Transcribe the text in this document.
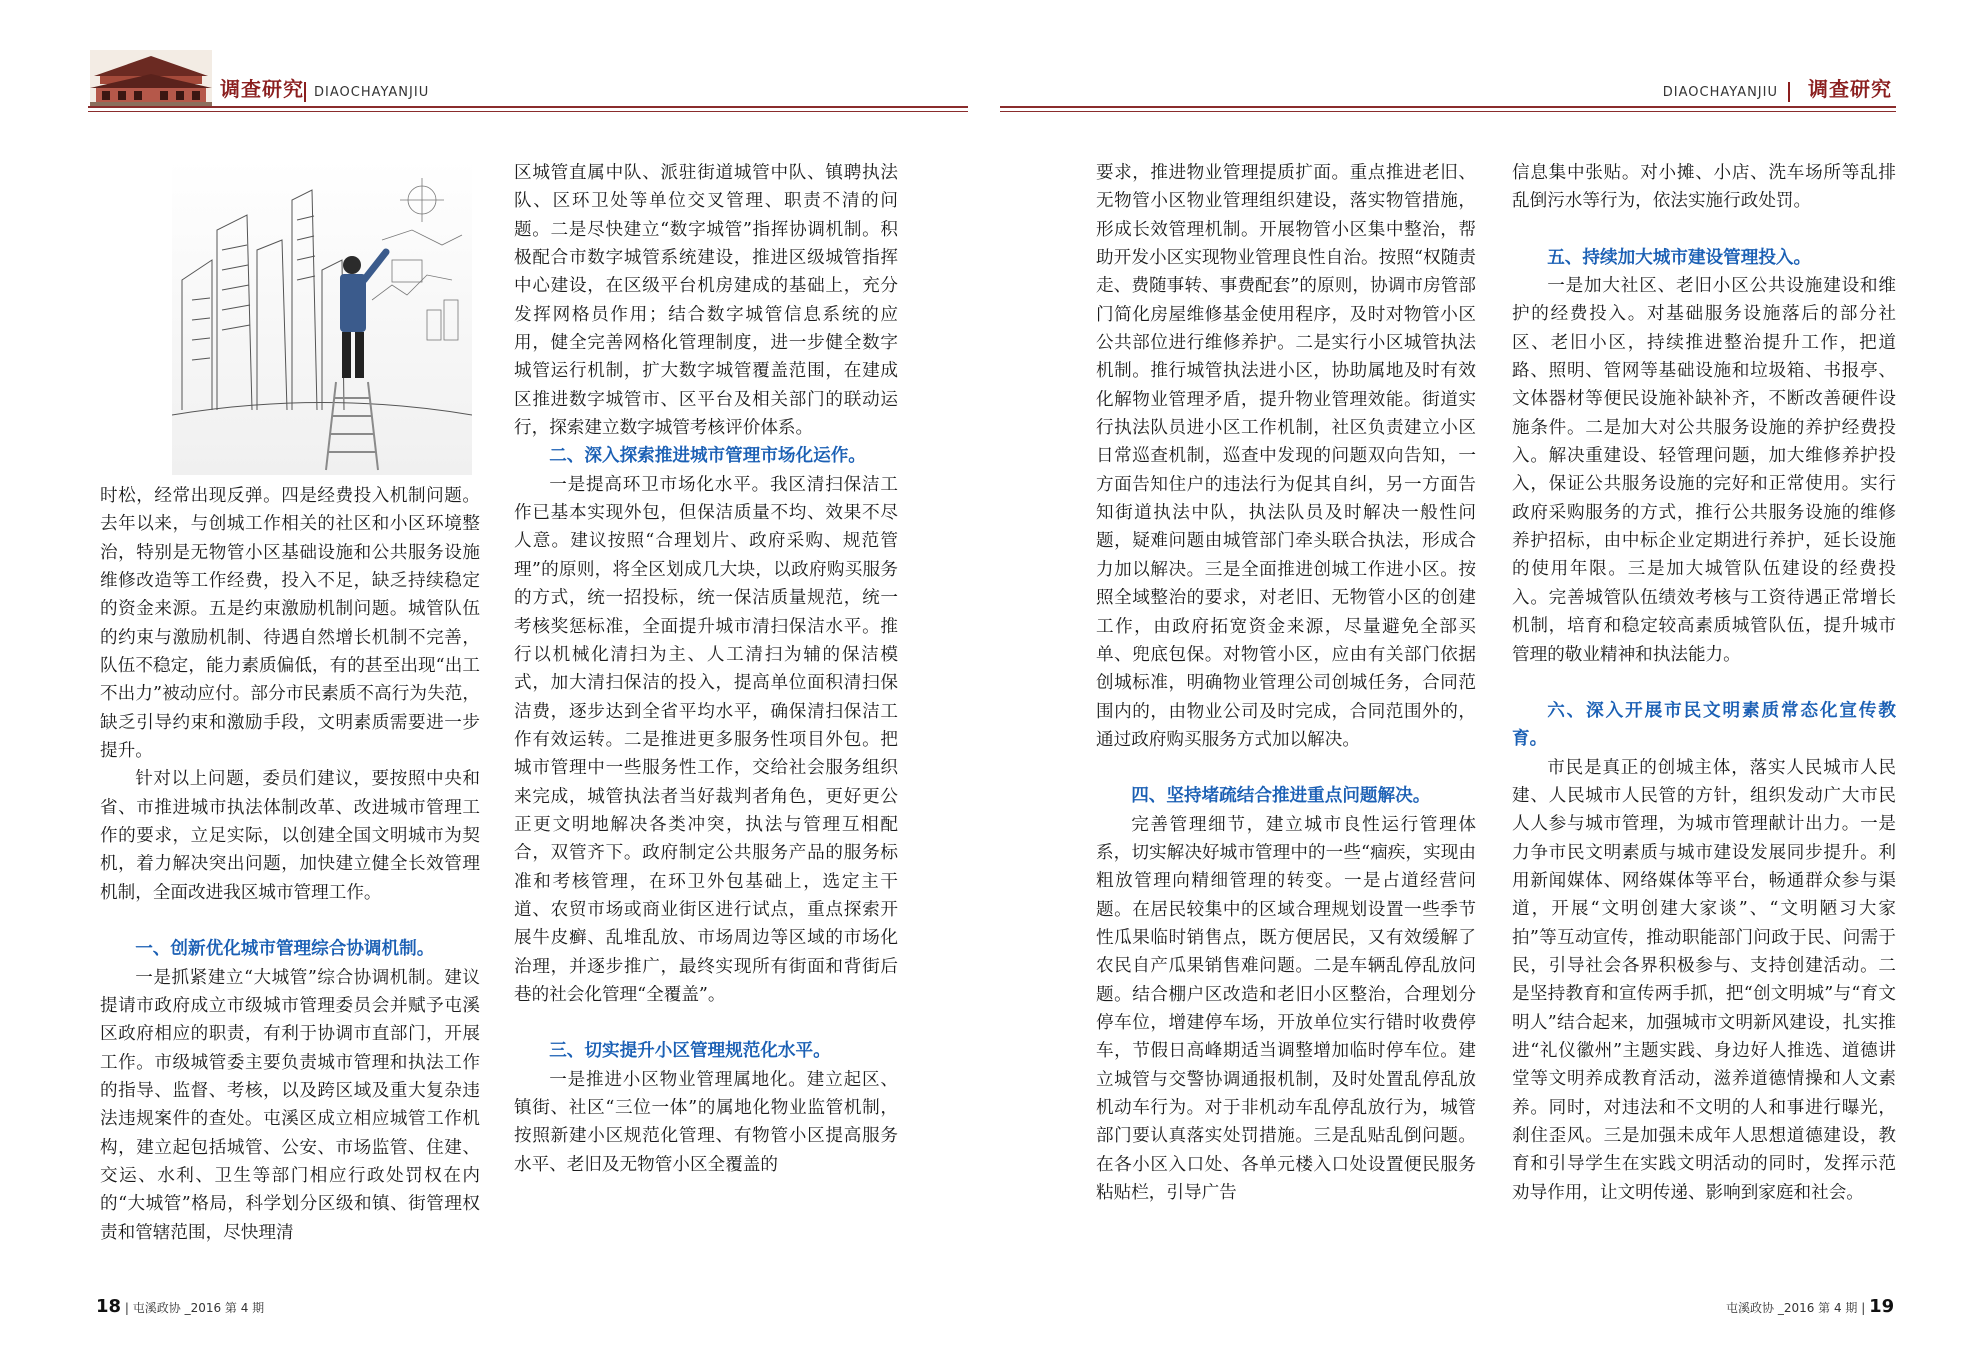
调查研究 DIAOCHAYANJIU	DIAOCHAYANJIU 调查研究

时松，经常出现反弹。四是经费投入机制问题。去年以来，与创城工作相关的社区和小区环境整治，特别是无物管小区基础设施和公共服务设施维修改造等工作经费，投入不足，缺乏持续稳定的资金来源。五是约束激励机制问题。城管队伍的约束与激励机制、待遇自然增长机制不完善，队伍不稳定，能力素质偏低，有的甚至出现“出工不出力”被动应付。部分市民素质不高行为失范，缺乏引导约束和激励手段，文明素质需要进一步提升。

针对以上问题，委员们建议，要按照中央和省、市推进城市执法体制改革、改进城市管理工作的要求，立足实际，以创建全国文明城市为契机，着力解决突出问题，加快建立健全长效管理机制，全面改进我区城市管理工作。

一、创新优化城市管理综合协调机制。

一是抓紧建立“大城管”综合协调机制。建议提请市政府成立市级城市管理委员会并赋予屯溪区政府相应的职责，有利于协调市直部门，开展工作。市级城管委主要负责城市管理和执法工作的指导、监督、考核，以及跨区域及重大复杂违法违规案件的查处。屯溪区成立相应城管工作机构，建立起包括城管、公安、市场监管、住建、交运、水利、卫生等部门相应行政处罚权在内的“大城管”格局，科学划分区级和镇、街管理权责和管辖范围，尽快理清

区城管直属中队、派驻街道城管中队、镇聘执法队、区环卫处等单位交叉管理、职责不清的问题。二是尽快建立“数字城管”指挥协调机制。积极配合市数字城管系统建设，推进区级城管指挥中心建设，在区级平台机房建成的基础上，充分发挥网格员作用；结合数字城管信息系统的应用，健全完善网格化管理制度，进一步健全数字城管运行机制，扩大数字城管覆盖范围，在建成区推进数字城管市、区平台及相关部门的联动运行，探索建立数字城管考核评价体系。

二、深入探索推进城市管理市场化运作。

一是提高环卫市场化水平。我区清扫保洁工作已基本实现外包，但保洁质量不均、效果不尽人意。建议按照“合理划片、政府采购、规范管理”的原则，将全区划成几大块，以政府购买服务的方式，统一招投标，统一保洁质量规范，统一考核奖惩标准，全面提升城市清扫保洁水平。推行以机械化清扫为主、人工清扫为辅的保洁模式，加大清扫保洁的投入，提高单位面积清扫保洁费，逐步达到全省平均水平，确保清扫保洁工作有效运转。二是推进更多服务性项目外包。把城市管理中一些服务性工作，交给社会服务组织来完成，城管执法者当好裁判者角色，更好更公正更文明地解决各类冲突，执法与管理互相配合，双管齐下。政府制定公共服务产品的服务标准和考核管理，在环卫外包基础上，选定主干道、农贸市场或商业街区进行试点，重点探索开展牛皮癣、乱堆乱放、市场周边等区域的市场化治理，并逐步推广，最终实现所有街面和背街后巷的社会化管理“全覆盖”。

三、切实提升小区管理规范化水平。

一是推进小区物业管理属地化。建立起区、镇街、社区“三位一体”的属地化物业监管机制，按照新建小区规范化管理、有物管小区提高服务水平、老旧及无物管小区全覆盖的

要求，推进物业管理提质扩面。重点推进老旧、无物管小区物业管理组织建设，落实物管措施，形成长效管理机制。开展物管小区集中整治，帮助开发小区实现物业管理良性自治。按照“权随责走、费随事转、事费配套”的原则，协调市房管部门简化房屋维修基金使用程序，及时对物管小区公共部位进行维修养护。二是实行小区城管执法机制。推行城管执法进小区，协助属地及时有效化解物业管理矛盾，提升物业管理效能。街道实行执法队员进小区工作机制，社区负责建立小区日常巡查机制，巡查中发现的问题双向告知，一方面告知住户的违法行为促其自纠，另一方面告知街道执法中队，执法队员及时解决一般性问题，疑难问题由城管部门牵头联合执法，形成合力加以解决。三是全面推进创城工作进小区。按照全域整治的要求，对老旧、无物管小区的创建工作，由政府拓宽资金来源，尽量避免全部买单、兜底包保。对物管小区，应由有关部门依据创城标准，明确物业管理公司创城任务，合同范围内的，由物业公司及时完成，合同范围外的，通过政府购买服务方式加以解决。

四、坚持堵疏结合推进重点问题解决。

完善管理细节，建立城市良性运行管理体系，切实解决好城市管理中的一些“痼疾，实现由粗放管理向精细管理的转变。一是占道经营问题。在居民较集中的区域合理规划设置一些季节性瓜果临时销售点，既方便居民，又有效缓解了农民自产瓜果销售难问题。二是车辆乱停乱放问题。结合棚户区改造和老旧小区整治，合理划分停车位，增建停车场，开放单位实行错时收费停车，节假日高峰期适当调整增加临时停车位。建立城管与交警协调通报机制，及时处置乱停乱放机动车行为。对于非机动车乱停乱放行为，城管部门要认真落实处罚措施。三是乱贴乱倒问题。在各小区入口处、各单元楼入口处设置便民服务粘贴栏，引导广告

信息集中张贴。对小摊、小店、洗车场所等乱排乱倒污水等行为，依法实施行政处罚。

五、持续加大城市建设管理投入。

一是加大社区、老旧小区公共设施建设和维护的经费投入。对基础服务设施落后的部分社区、老旧小区，持续推进整治提升工作，把道路、照明、管网等基础设施和垃圾箱、书报亭、文体器材等便民设施补缺补齐，不断改善硬件设施条件。二是加大对公共服务设施的养护经费投入。解决重建设、轻管理问题，加大维修养护投入，保证公共服务设施的完好和正常使用。实行政府采购服务的方式，推行公共服务设施的维修养护招标，由中标企业定期进行养护，延长设施的使用年限。三是加大城管队伍建设的经费投入。完善城管队伍绩效考核与工资待遇正常增长机制，培育和稳定较高素质城管队伍，提升城市管理的敬业精神和执法能力。

六、深入开展市民文明素质常态化宣传教育。

市民是真正的创城主体，落实人民城市人民建、人民城市人民管的方针，组织发动广大市民人人参与城市管理，为城市管理献计出力。一是力争市民文明素质与城市建设发展同步提升。利用新闻媒体、网络媒体等平台，畅通群众参与渠道，开展“文明创建大家谈”、“文明陋习大家拍”等互动宣传，推动职能部门问政于民、问需于民，引导社会各界积极参与、支持创建活动。二是坚持教育和宣传两手抓，把“创文明城”与“育文明人”结合起来，加强城市文明新风建设，扎实推进“礼仪徽州”主题实践、身边好人推选、道德讲堂等文明养成教育活动，滋养道德情操和人文素养。同时，对违法和不文明的人和事进行曝光，刹住歪风。三是加强未成年人思想道德建设，教育和引导学生在实践文明活动的同时，发挥示范劝导作用，让文明传递、影响到家庭和社会。

18 | 屯溪政协 _2016 第 4 期	屯溪政协 _2016 第 4 期 | 19
